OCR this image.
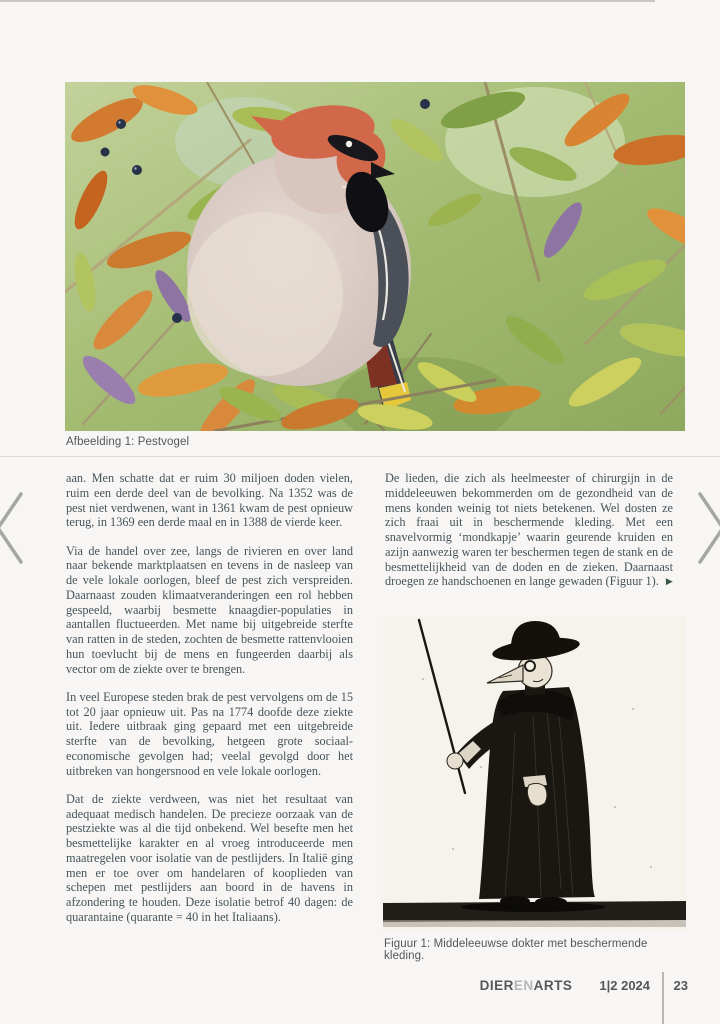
Afbeelding 1: Pestvogel

aan. Men schatte dat er ruim 30 miljoen doden vielen, ruim een derde deel van de bevolking. Na 1352 was de pest niet verdwenen, want in 1361 kwam de pest opnieuw terug, in 1369 een derde maal en in 1388 de vierde keer.

Via de handel over zee, langs de rivieren en over land naar bekende marktplaatsen en tevens in de nasleep van de vele lokale oorlogen, bleef de pest zich verspreiden. Daarnaast zouden klimaatveranderingen een rol hebben gespeeld, waarbij besmette knaagdier-populaties in aantallen fluctueerden. Met name bij uitgebreide sterfte van ratten in de steden, zochten de besmette rattenvlooien hun toevlucht bij de mens en fungeerden daarbij als vector om de ziekte over te brengen.

In veel Europese steden brak de pest vervolgens om de 15 tot 20 jaar opnieuw uit. Pas na 1774 doofde deze ziekte uit. Iedere uitbraak ging gepaard met een uitgebreide sterfte van de bevolking, hetgeen grote sociaal-economische gevolgen had; veelal gevolgd door het uitbreken van hongersnood en vele lokale oorlogen.

Dat de ziekte verdween, was niet het resultaat van adequaat medisch handelen. De precieze oorzaak van de pestziekte was al die tijd onbekend. Wel besefte men het besmettelijke karakter en al vroeg introduceerde men maatregelen voor isolatie van de pestlijders. In Italië ging men er toe over om handelaren of kooplieden van schepen met pestlijders aan boord in de havens in afzondering te houden. Deze isolatie betrof 40 dagen: de quarantaine (quarante = 40 in het Italiaans).

De lieden, die zich als heelmeester of chirurgijn in de middeleeuwen bekommerden om de gezondheid van de mens konden weinig tot niets betekenen. Wel dosten ze zich fraai uit in beschermende kleding. Met een snavelvormig ‘mondkapje’ waarin geurende kruiden en azijn aanwezig waren ter beschermen tegen de stank en de besmettelijkheid van de doden en de zieken. Daarnaast droegen ze handschoenen en lange gewaden (Figuur 1). ▶

Figuur 1: Middeleeuwse dokter met beschermende kleding.
DIERENARTS 1|2 2024 23
